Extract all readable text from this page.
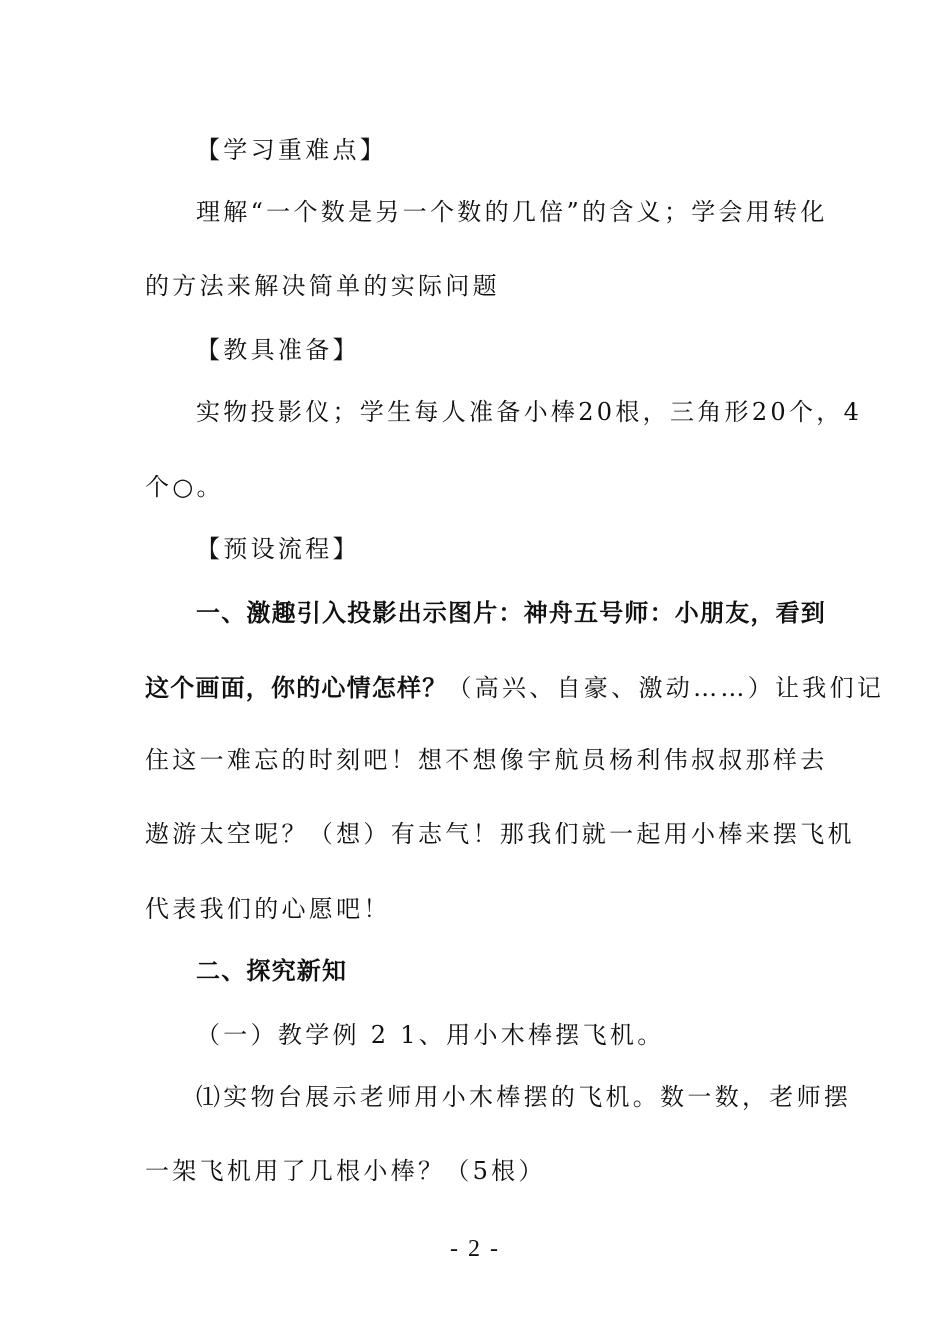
【学习重难点】
理解“一个数是另一个数的几倍”的含义；学会用转化
的方法来解决简单的实际问题
【教具准备】
实物投影仪；学生每人准备小棒20根，三角形20个，4
个○。
【预设流程】
一、激趣引入投影出示图片：神舟五号师：小朋友，看到
这个画面，你的心情怎样？（高兴、自豪、激动……）让我们记
住这一难忘的时刻吧！想不想像宇航员杨利伟叔叔那样去
遨游太空呢？（想）有志气！那我们就一起用小棒来摆飞机
代表我们的心愿吧！
二、探究新知
（一）教学例 2 1、用小木棒摆飞机。
⑴实物台展示老师用小木棒摆的飞机。数一数，老师摆
一架飞机用了几根小棒？（5根）
- 2 -
